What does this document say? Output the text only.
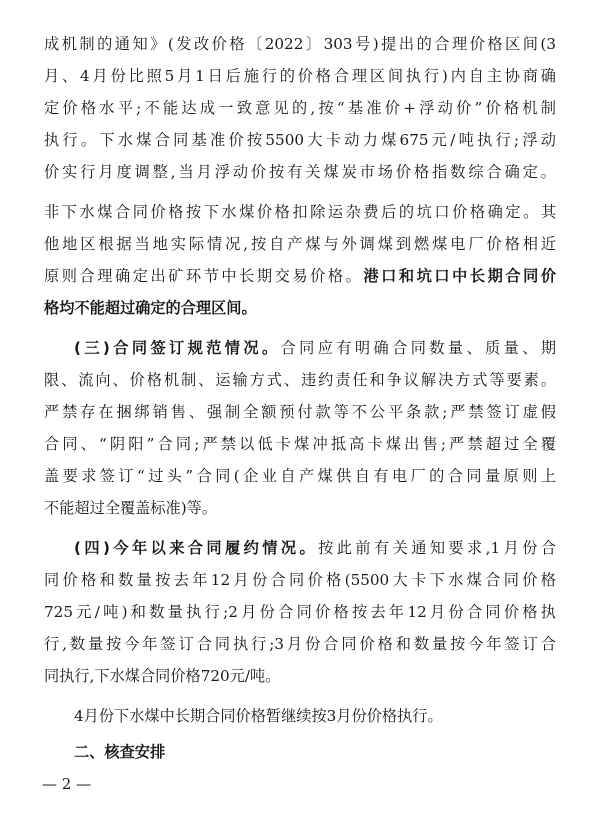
成机制的通知》(发改价格〔2022〕303号)提出的合理价格区间(3
月、4月份比照5月1日后施行的价格合理区间执行)内自主协商确
定价格水平;不能达成一致意见的,按“基准价+浮动价”价格机制
执行。下水煤合同基准价按5500大卡动力煤675元/吨执行;浮动
价实行月度调整,当月浮动价按有关煤炭市场价格指数综合确定。
非下水煤合同价格按下水煤价格扣除运杂费后的坑口价格确定。其
他地区根据当地实际情况,按自产煤与外调煤到燃煤电厂价格相近
原则合理确定出矿环节中长期交易价格。港口和坑口中长期合同价
格均不能超过确定的合理区间。
(三)合同签订规范情况。合同应有明确合同数量、质量、期
限、流向、价格机制、运输方式、违约责任和争议解决方式等要素。
严禁存在捆绑销售、强制全额预付款等不公平条款;严禁签订虚假
合同、“阴阳”合同;严禁以低卡煤冲抵高卡煤出售;严禁超过全覆
盖要求签订“过头”合同(企业自产煤供自有电厂的合同量原则上
不能超过全覆盖标准)等。
(四)今年以来合同履约情况。按此前有关通知要求,1月份合
同价格和数量按去年12月份合同价格(5500大卡下水煤合同价格
725元/吨)和数量执行;2月份合同价格按去年12月份合同价格执
行,数量按今年签订合同执行;3月份合同价格和数量按今年签订合
同执行,下水煤合同价格720元/吨。
4月份下水煤中长期合同价格暂继续按3月份价格执行。
二、核查安排
— 2 —
